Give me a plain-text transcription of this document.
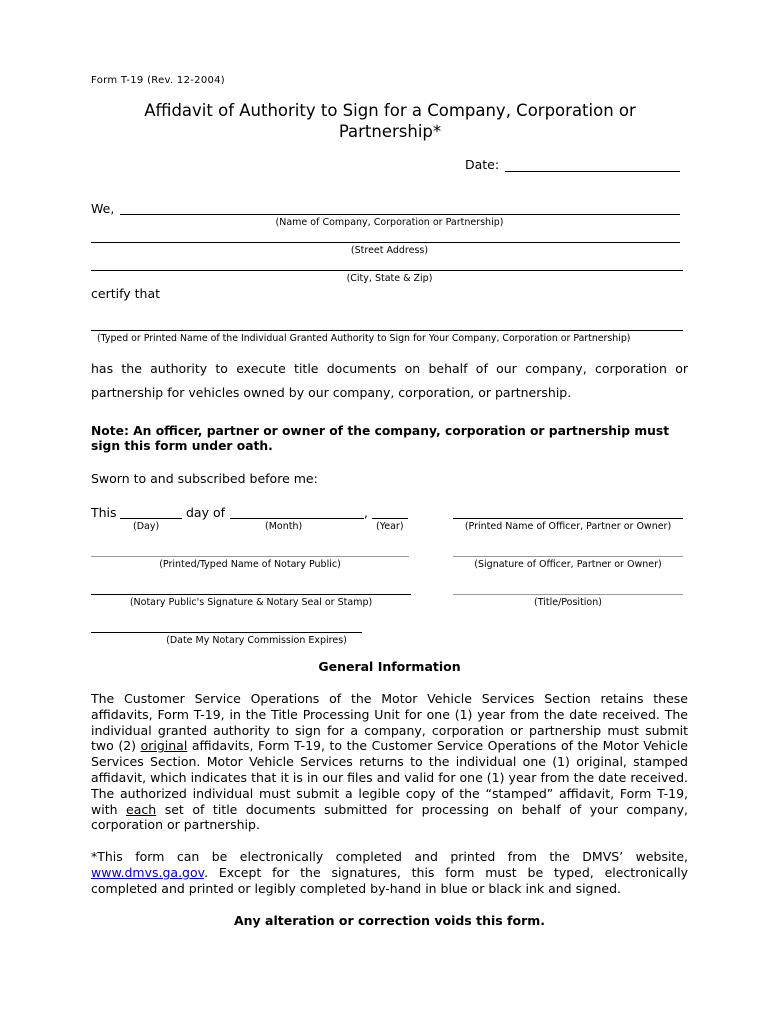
Form T-19 (Rev. 12-2004)
Affidavit of Authority to Sign for a Company, Corporation or
Partnership*
Date:
We,
(Name of Company, Corporation or Partnership)
(Street Address)
(City, State & Zip)
certify that
(Typed or Printed Name of the Individual Granted Authority to Sign for Your Company, Corporation or Partnership)
has the authority to execute title documents on behalf of our company, corporation or
partnership for vehicles owned by our company, corporation, or partnership.
Note: An officer, partner or owner of the company, corporation or partnership must
sign this form under oath.
Sworn to and subscribed before me:
This	day of	,
(Day)	(Month)	(Year)	(Printed Name of Officer, Partner or Owner)
(Printed/Typed Name of Notary Public)	(Signature of Officer, Partner or Owner)
(Notary Public's Signature & Notary Seal or Stamp)	(Title/Position)
(Date My Notary Commission Expires)
General Information
The Customer Service Operations of the Motor Vehicle Services Section retains these affidavits, Form T-19, in the Title Processing Unit for one (1) year from the date received. The individual granted authority to sign for a company, corporation or partnership must submit two (2) original affidavits, Form T-19, to the Customer Service Operations of the Motor Vehicle Services Section. Motor Vehicle Services returns to the individual one (1) original, stamped affidavit, which indicates that it is in our files and valid for one (1) year from the date received. The authorized individual must submit a legible copy of the “stamped” affidavit, Form T-19, with each set of title documents submitted for processing on behalf of your company, corporation or partnership.
*This form can be electronically completed and printed from the DMVS’ website, www.dmvs.ga.gov. Except for the signatures, this form must be typed, electronically completed and printed or legibly completed by-hand in blue or black ink and signed.
Any alteration or correction voids this form.
